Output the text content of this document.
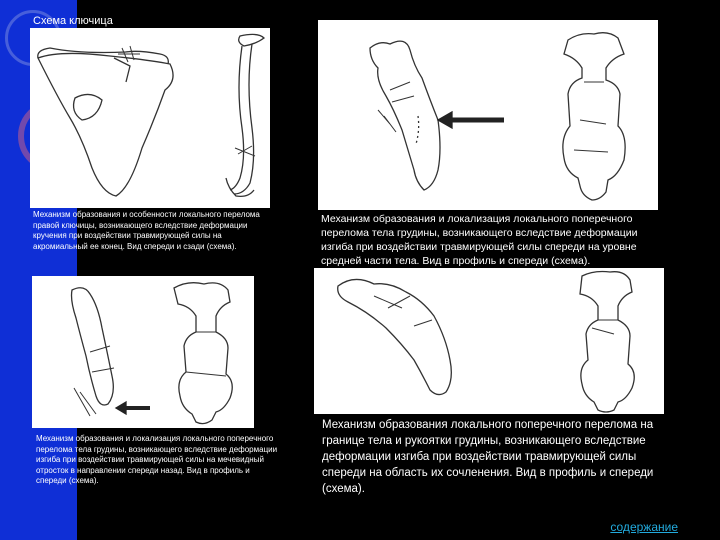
Схема ключица
Механизм образования и особенности локального перелома правой ключицы, возникающего вследствие деформации кручения при воздействии травмирующей силы на акромиальный ее конец. Вид спереди и сзади (схема).
Механизм образования и локализация локального поперечного перелома тела грудины, возникающего вследствие деформации изгиба при воздействии травмирующей силы спереди на уровне средней части тела. Вид в профиль и спереди (схема).
Механизм образования и локализация локального поперечного перелома тела грудины, возникающего вследствие деформации изгиба при воздействии травмирующей силы на мечевидный отросток в направлении спереди назад. Вид в профиль и спереди (схема).
Механизм образования локального поперечного перелома на границе тела и рукоятки грудины, возникающего вследствие деформации изгиба при воздействии травмирующей силы спереди на область их сочленения. Вид в профиль и спереди (схема).
содержание
